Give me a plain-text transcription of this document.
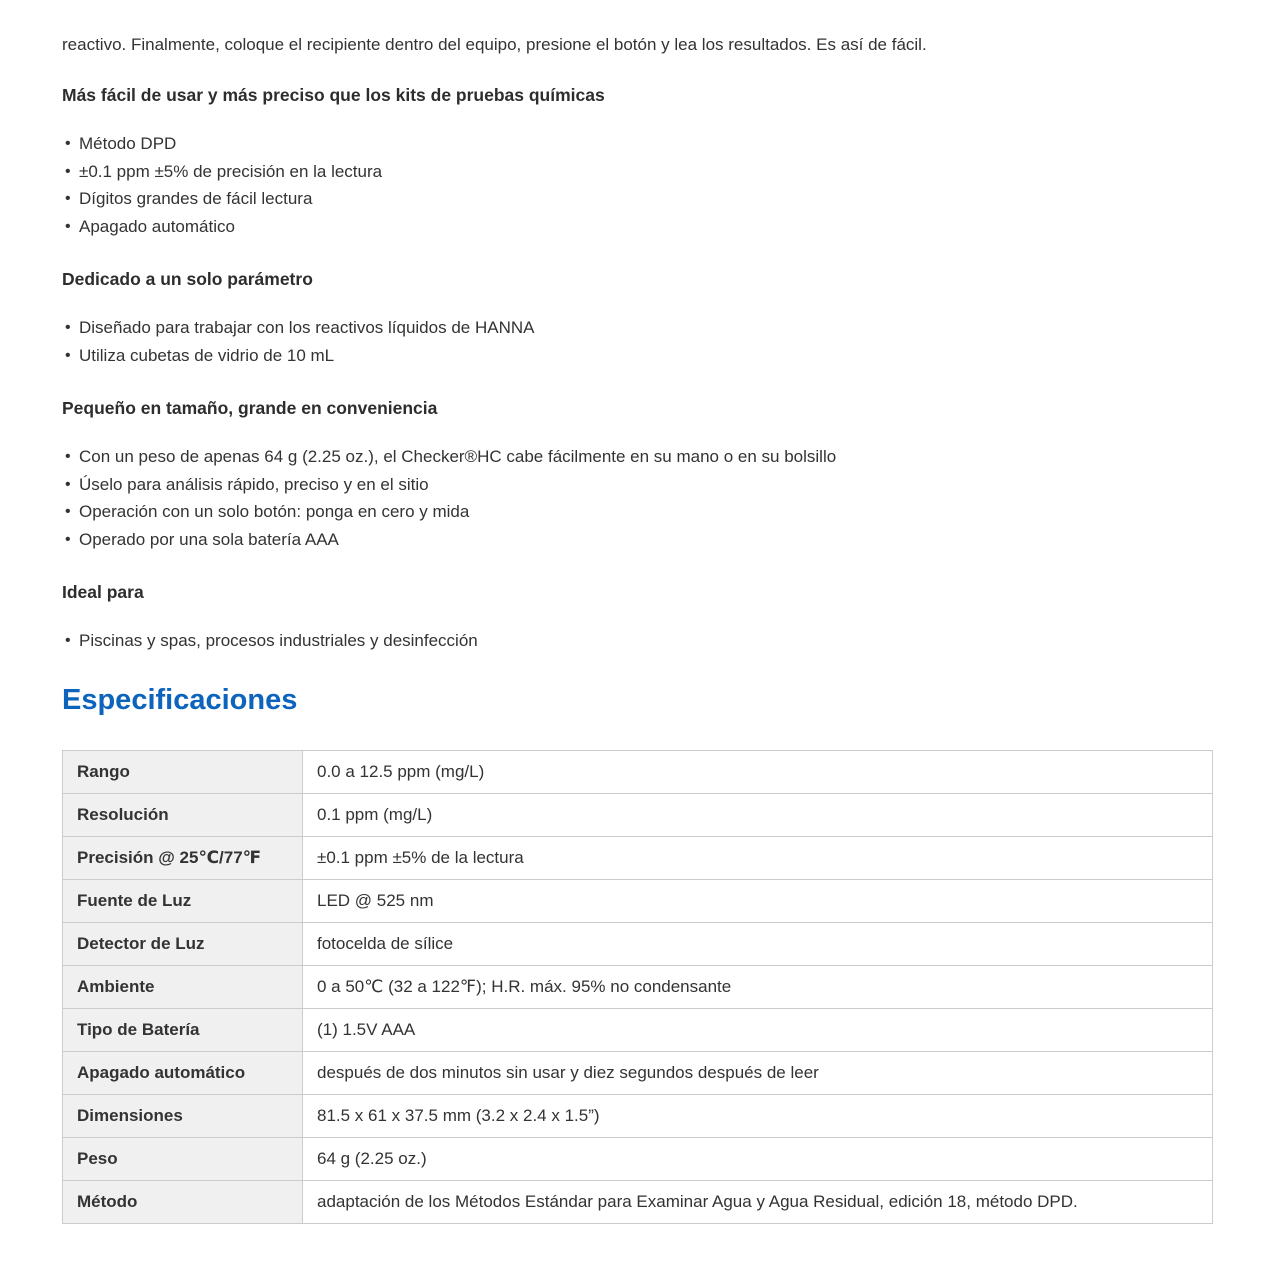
reactivo. Finalmente, coloque el recipiente dentro del equipo, presione el botón y lea los resultados. Es así de fácil.

Más fácil de usar y más preciso que los kits de pruebas químicas
• Método DPD
• ±0.1 ppm ±5% de precisión en la lectura
• Dígitos grandes de fácil lectura
• Apagado automático
Dedicado a un solo parámetro
• Diseñado para trabajar con los reactivos líquidos de HANNA
• Utiliza cubetas de vidrio de 10 mL
Pequeño en tamaño, grande en conveniencia
• Con un peso de apenas 64 g (2.25 oz.), el Checker®HC cabe fácilmente en su mano o en su bolsillo
• Úselo para análisis rápido, preciso y en el sitio
• Operación con un solo botón: ponga en cero y mida
• Operado por una sola batería AAA
Ideal para
• Piscinas y spas, procesos industriales y desinfección
Especificaciones
Rango	0.0 a 12.5 ppm (mg/L)
Resolución	0.1 ppm (mg/L)
Precisión @ 25℃/77℉	±0.1 ppm ±5% de la lectura
Fuente de Luz	LED @ 525 nm
Detector de Luz	fotocelda de sílice
Ambiente	0 a 50℃ (32 a 122℉); H.R. máx. 95% no condensante
Tipo de Batería	(1) 1.5V AAA
Apagado automático	después de dos minutos sin usar y diez segundos después de leer
Dimensiones	81.5 x 61 x 37.5 mm (3.2 x 2.4 x 1.5”)
Peso	64 g (2.25 oz.)
Método	adaptación de los Métodos Estándar para Examinar Agua y Agua Residual, edición 18, método DPD.
